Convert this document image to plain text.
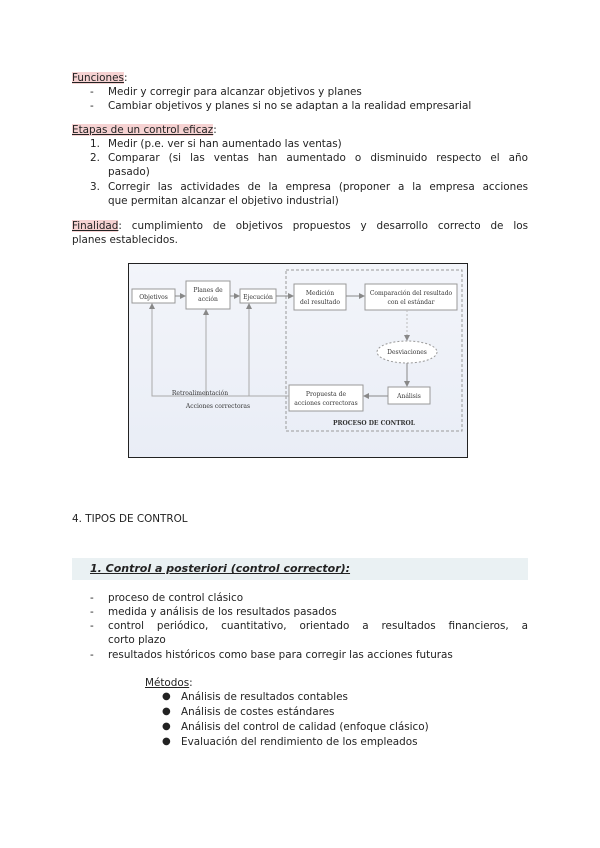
Funciones:
- Medir y corregir para alcanzar objetivos y planes
- Cambiar objetivos y planes si no se adaptan a la realidad empresarial
Etapas de un control eficaz:
1. Medir (p.e. ver si han aumentado las ventas)
2. Comparar (si las ventas han aumentado o disminuido respecto el año
pasado)
3. Corregir las actividades de la empresa (proponer a la empresa acciones
que permitan alcanzar el objetivo industrial)
Finalidad: cumplimiento de objetivos propuestos y desarrollo correcto de los
planes establecidos.
Objetivos
Planes de
acción	Ejecución
Medición
del resultado
Comparación del resultado
con el estándar
Desviaciones
Análisis
Propuesta de
acciones correctoras
Retroalimentación
Acciones correctoras
PROCESO DE CONTROL
4. TIPOS DE CONTROL
1. Control a posteriori (control corrector):
- proceso de control clásico
- medida y análisis de los resultados pasados
- control periódico, cuantitativo, orientado a resultados financieros, a
corto plazo
- resultados históricos como base para corregir las acciones futuras
Métodos:
● Análisis de resultados contables
● Análisis de costes estándares
● Análisis del control de calidad (enfoque clásico)
● Evaluación del rendimiento de los empleados
